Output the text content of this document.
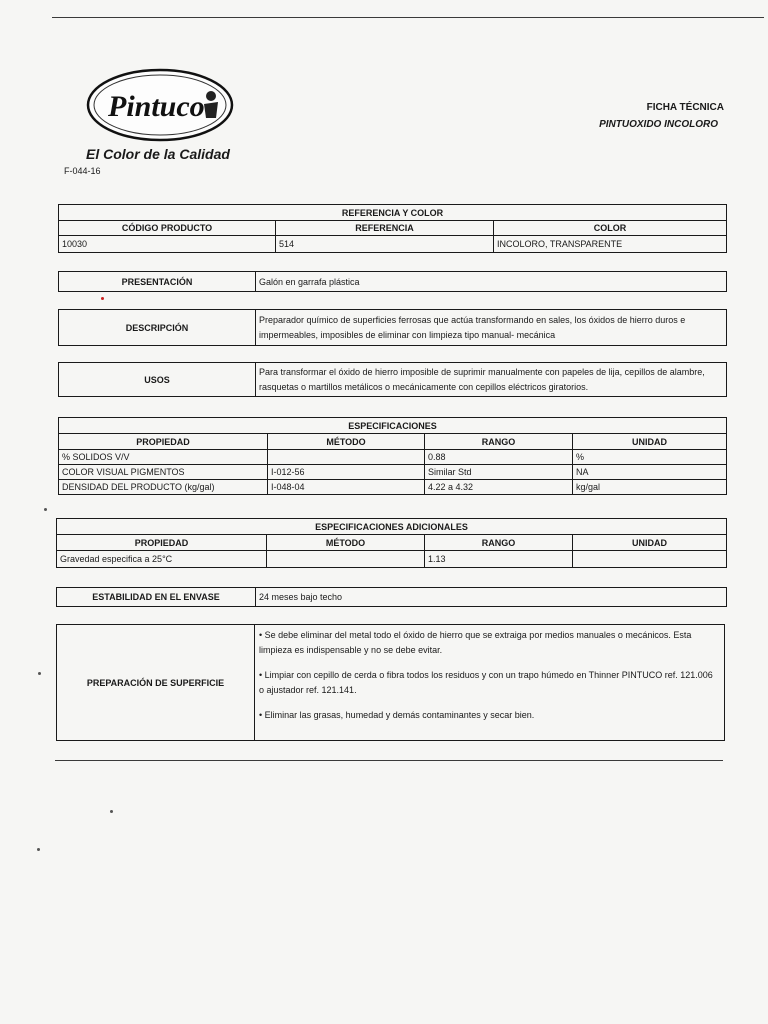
Pintuco
El Color de la Calidad
F-044-16
FICHA TÉCNICA
PINTUOXIDO INCOLORO
REFERENCIA Y COLOR		
CÓDIGO PRODUCTO	REFERENCIA	COLOR
10030	514	INCOLORO, TRANSPARENTE
PRESENTACIÓN	Galón en garrafa plástica
DESCRIPCIÓN	Preparador químico de superficies ferrosas que actúa transformando en sales, los óxidos de hierro duros e impermeables, imposibles de eliminar con limpieza tipo manual- mecánica
USOS	Para transformar el óxido de hierro imposible de suprimir manualmente con papeles de lija, cepillos de alambre, rasquetas o martillos metálicos o mecánicamente con cepillos eléctricos giratorios.
ESPECIFICACIONES			
PROPIEDAD	MÉTODO	RANGO	UNIDAD
% SOLIDOS V/V		0.88	%
COLOR VISUAL PIGMENTOS	I-012-56	Similar Std	NA
DENSIDAD DEL PRODUCTO (kg/gal)	I-048-04	4.22 a 4.32	kg/gal
ESPECIFICACIONES ADICIONALES			
PROPIEDAD	MÉTODO	RANGO	UNIDAD
Gravedad especifica a 25°C		1.13	
ESTABILIDAD EN EL ENVASE	24 meses bajo techo
PREPARACIÓN DE SUPERFICIE	

• Se debe eliminar del metal todo el óxido de hierro que se extraiga por medios manuales o mecánicos. Esta limpieza es indispensable y no se debe evitar.

• Limpiar con cepillo de cerda o fibra todos los residuos y con un trapo húmedo en Thinner PINTUCO ref. 121.006 o ajustador ref. 121.141.

• Eliminar las grasas, humedad y demás contaminantes y secar bien.
